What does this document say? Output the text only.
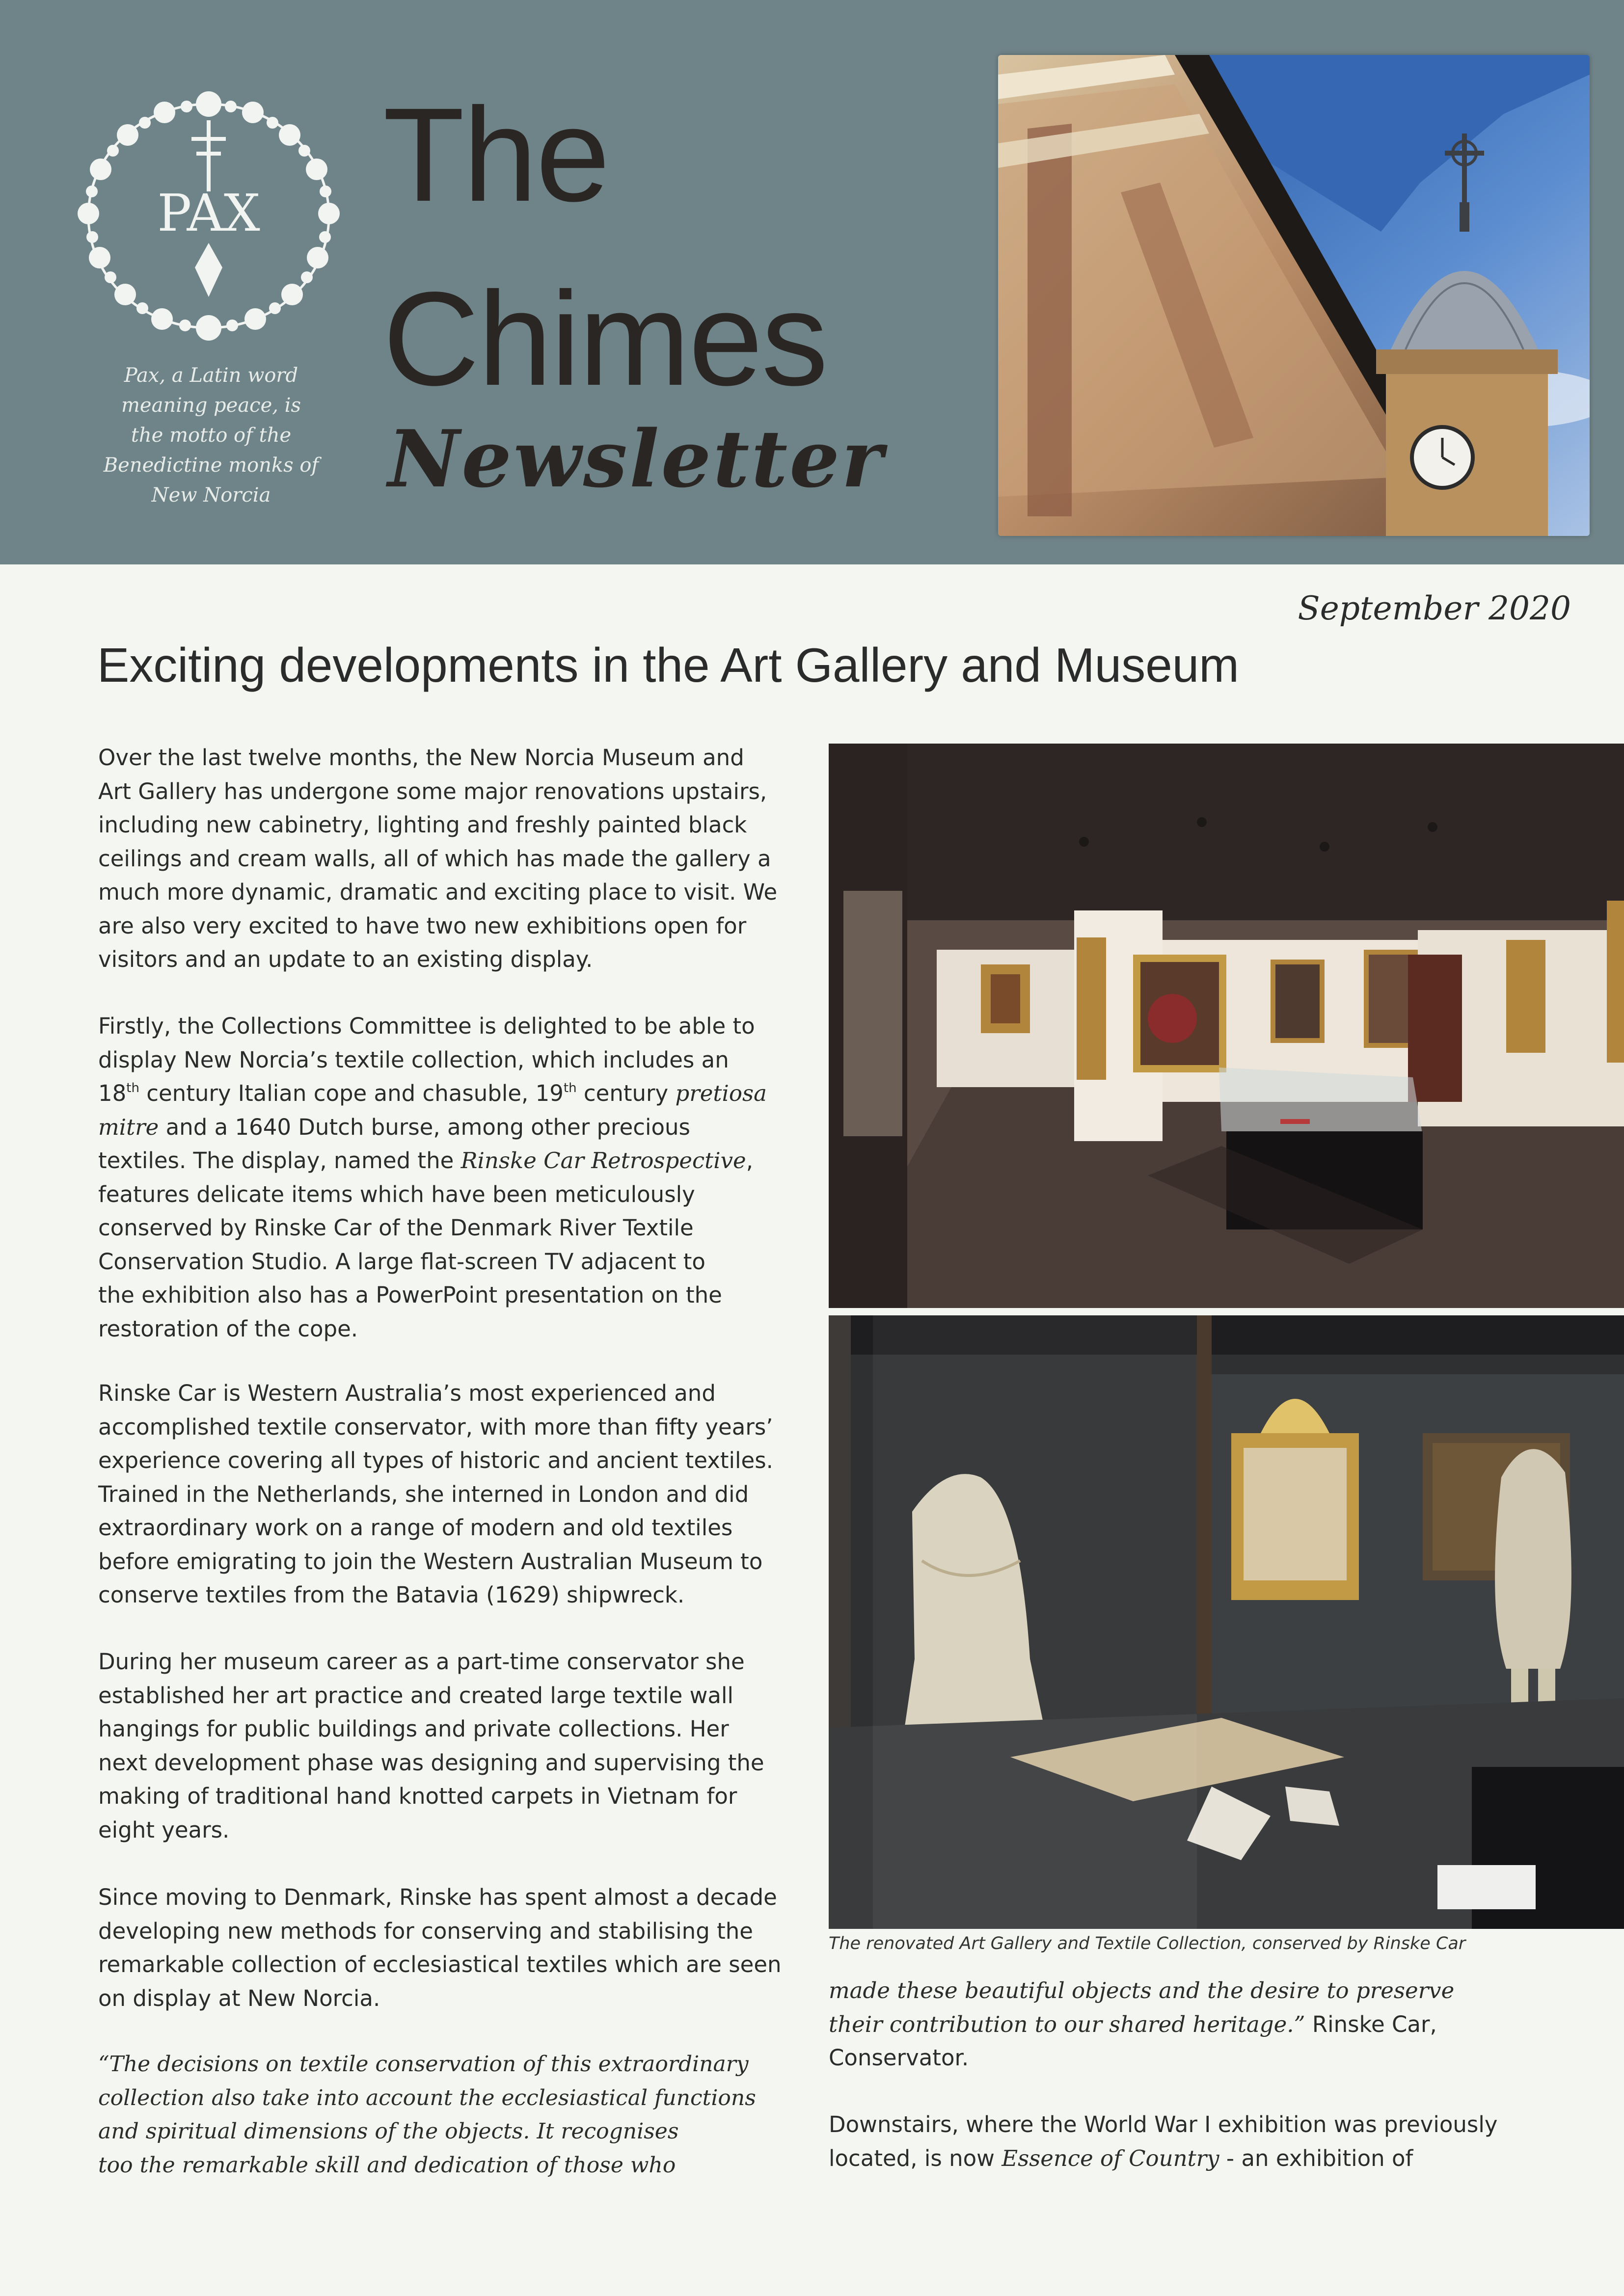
PAX
Pax, a Latin word
meaning peace, is
the motto of the
Benedictine monks of
New Norcia
The
Chimes
Newsletter
September 2020
Exciting developments in the Art Gallery and Museum
Over the last twelve months, the New Norcia Museum and
Art Gallery has undergone some major renovations upstairs,
including new cabinetry, lighting and freshly painted black
ceilings and cream walls, all of which has made the gallery a
much more dynamic, dramatic and exciting place to visit. We
are also very excited to have two new exhibitions open for
visitors and an update to an existing display.
Firstly, the Collections Committee is delighted to be able to
display New Norcia’s textile collection, which includes an
18th century Italian cope and chasuble, 19th century pretiosa
mitre and a 1640 Dutch burse, among other precious
textiles. The display, named the Rinske Car Retrospective,
features delicate items which have been meticulously
conserved by Rinske Car of the Denmark River Textile
Conservation Studio. A large flat-screen TV adjacent to
the exhibition also has a PowerPoint presentation on the
restoration of the cope.
Rinske Car is Western Australia’s most experienced and
accomplished textile conservator, with more than fifty years’
experience covering all types of historic and ancient textiles.
Trained in the Netherlands, she interned in London and did
extraordinary work on a range of modern and old textiles
before emigrating to join the Western Australian Museum to
conserve textiles from the Batavia (1629) shipwreck.
During her museum career as a part-time conservator she
established her art practice and created large textile wall
hangings for public buildings and private collections. Her
next development phase was designing and supervising the
making of traditional hand knotted carpets in Vietnam for
eight years.
Since moving to Denmark, Rinske has spent almost a decade
developing new methods for conserving and stabilising the
remarkable collection of ecclesiastical textiles which are seen
on display at New Norcia.
“The decisions on textile conservation of this extraordinary
collection also take into account the ecclesiastical functions
and spiritual dimensions of the objects. It recognises
too the remarkable skill and dedication of those who
The renovated Art Gallery and Textile Collection, conserved by Rinske Car
made these beautiful objects and the desire to preserve
their contribution to our shared heritage.” Rinske Car,
Conservator.
Downstairs, where the World War I exhibition was previously
located, is now Essence of Country - an exhibition of
